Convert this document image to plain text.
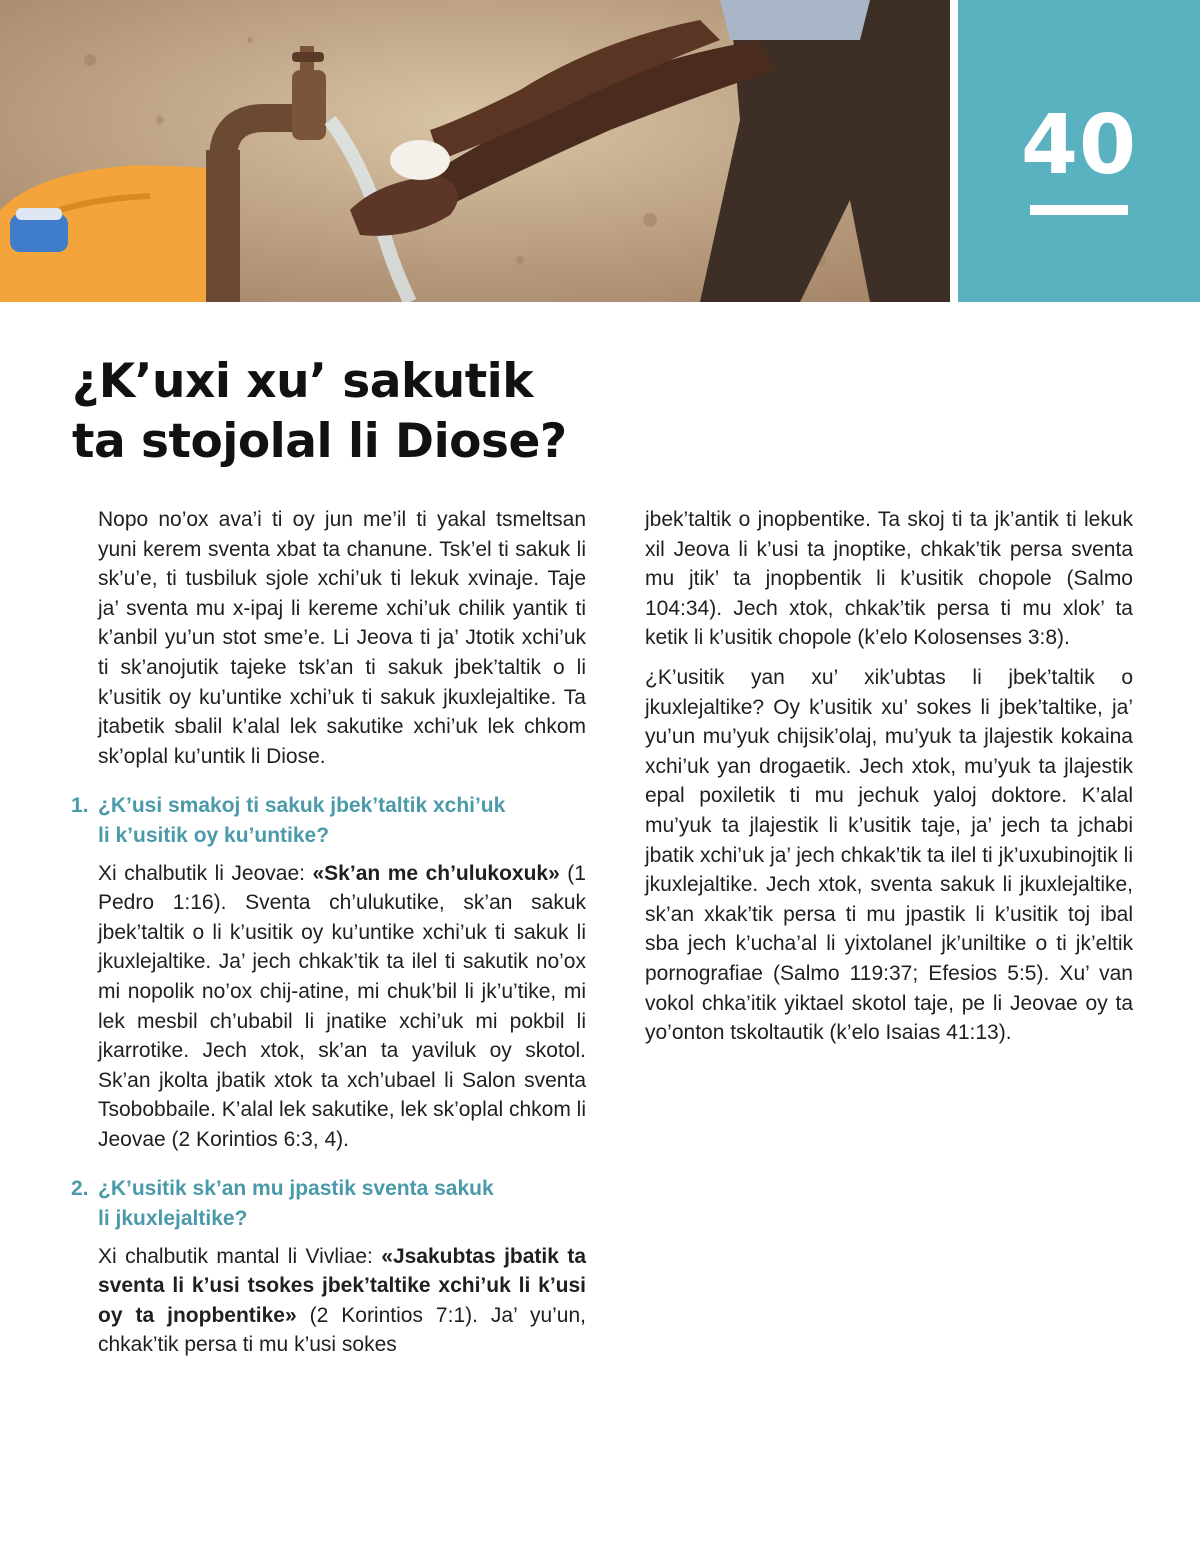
40
¿K’uxi xu’ sakutik
ta stojolal li Diose?

Nopo no’ox ava’i ti oy jun me’il ti yakal tsmeltsan yuni kerem sventa xbat ta chanune. Tsk’el ti sakuk li sk’u’e, ti tusbiluk sjole xchi’uk ti lekuk xvinaje. Taje ja’ sventa mu x-ipaj li kereme xchi’uk chilik yantik ti k’anbil yu’un stot sme’e. Li Jeova ti ja’ Jtotik xchi’uk ti sk’anojutik tajeke tsk’an ti sakuk jbek’taltik o li k’usitik oy ku’untike xchi’uk ti sakuk jkuxlejaltike. Ta jtabetik sbalil k’alal lek sakutike xchi’uk lek chkom sk’oplal ku’untik li Diose.

1. ¿K’usi smakoj ti sakuk jbek’taltik xchi’uk
li k’usitik oy ku’untike?

Xi chalbutik li Jeovae: «Sk’an me ch’ulukoxuk» (1 Pedro 1:16). Sventa ch’ulukutike, sk’an sakuk jbek’taltik o li k’usitik oy ku’untike xchi’uk ti sakuk li jkuxlejaltike. Ja’ jech chkak’tik ta ilel ti sakutik no’ox mi nopolik no’ox chij-atine, mi chuk’bil li jk’u’tike, mi lek mesbil ch’ubabil li jnatike xchi’uk mi pokbil li jkarrotike. Jech xtok, sk’an ta yaviluk oy skotol. Sk’an jkolta jbatik xtok ta xch’ubael li Salon sventa Tsobobbaile. K’alal lek sakutike, lek sk’oplal chkom li Jeovae (2 Korintios 6:3, 4).

2. ¿K’usitik sk’an mu jpastik sventa sakuk
li jkuxlejaltike?

Xi chalbutik mantal li Vivliae: «Jsakubtas jbatik ta sventa li k’usi tsokes jbek’taltike xchi’uk li k’usi oy ta jnopbentike» (2 Korintios 7:1). Ja’ yu’un, chkak’tik persa ti mu k’usi sokes

jbek’taltik o jnopbentike. Ta skoj ti ta jk’antik ti lekuk xil Jeova li k’usi ta jnoptike, chkak’tik persa sventa mu jtik’ ta jnopbentik li k’usitik chopole (Salmo 104:34). Jech xtok, chkak’tik persa ti mu xlok’ ta ketik li k’usitik chopole (k’elo Kolosenses 3:8).

¿K’usitik yan xu’ xik’ubtas li jbek’taltik o jkuxlejaltike? Oy k’usitik xu’ sokes li jbek’taltike, ja’ yu’un mu’yuk chijsik’olaj, mu’yuk ta jlajestik kokaina xchi’uk yan drogaetik. Jech xtok, mu’yuk ta jlajestik epal poxiletik ti mu jechuk yaloj doktore. K’alal mu’yuk ta jlajestik li k’usitik taje, ja’ jech ta jchabi jbatik xchi’uk ja’ jech chkak’tik ta ilel ti jk’uxubinojtik li jkuxlejaltike. Jech xtok, sventa sakuk li jkuxlejaltike, sk’an xkak’tik persa ti mu jpastik li k’usitik toj ibal sba jech k’ucha’al li yixtolanel jk’uniltike o ti jk’eltik pornografiae (Salmo 119:37; Efesios 5:5). Xu’ van vokol chka’itik yiktael skotol taje, pe li Jeovae oy ta yo’onton tskoltautik (k’elo Isaias 41:13).
